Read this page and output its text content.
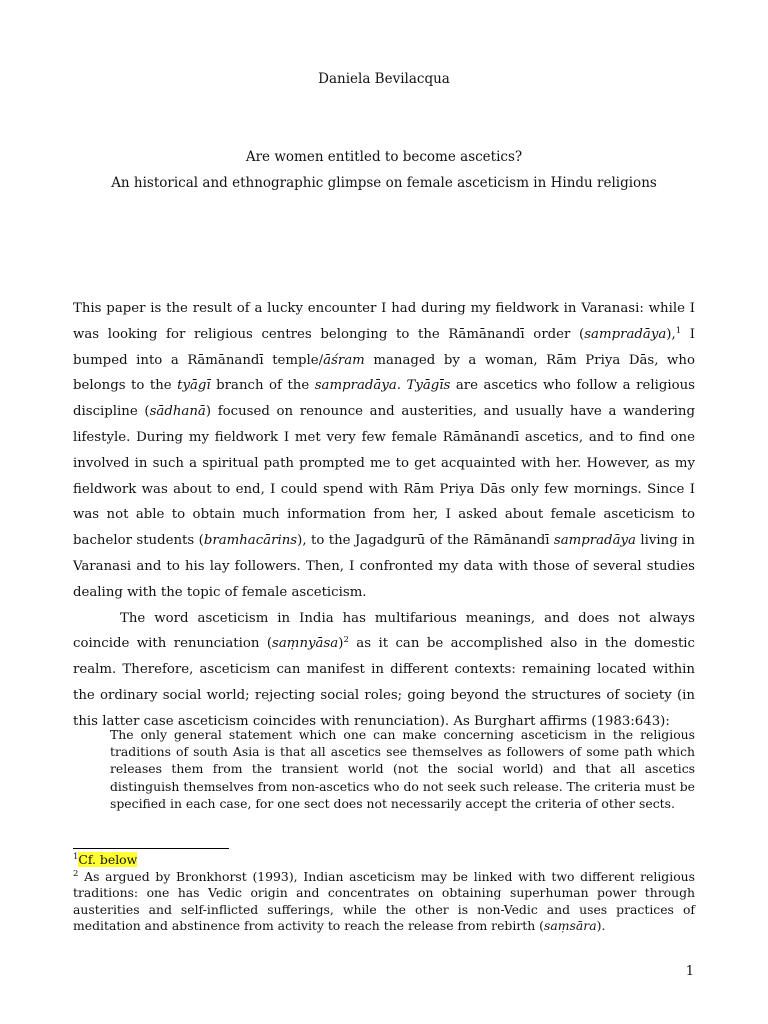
Daniela Bevilacqua
Are women entitled to become ascetics?
An historical and ethnographic glimpse on female asceticism in Hindu religions

This paper is the result of a lucky encounter I had during my fieldwork in Varanasi: while I was looking for religious centres belonging to the Rāmānandī order (sampradāya),$^1$ I bumped into a Rāmānandī temple/āśram managed by a woman, Rām Priya Dās, who belongs to the tyāgī branch of the sampradāya. Tyāgīs are ascetics who follow a religious discipline (sādhanā) focused on renounce and austerities, and usually have a wandering lifestyle. During my fieldwork I met very few female Rāmānandī ascetics, and to find one involved in such a spiritual path prompted me to get acquainted with her. However, as my fieldwork was about to end, I could spend with Rām Priya Dās only few mornings. Since I was not able to obtain much information from her, I asked about female asceticism to bachelor students (bramhacārins), to the Jagadgurū of the Rāmānandī sampradāya living in Varanasi and to his lay followers. Then, I confronted my data with those of several studies dealing with the topic of female asceticism.

The word asceticism in India has multifarious meanings, and does not always coincide with renunciation (saṃnyāsa)$^2$ as it can be accomplished also in the domestic realm. Therefore, asceticism can manifest in different contexts: remaining located within the ordinary social world; rejecting social roles; going beyond the structures of society (in this latter case asceticism coincides with renunciation). As Burghart affirms (1983:643):

The only general statement which one can make concerning asceticism in the religious traditions of south Asia is that all ascetics see themselves as followers of some path which releases them from the transient world (not the social world) and that all ascetics distinguish themselves from non-ascetics who do not seek such release. The criteria must be specified in each case, for one sect does not necessarily accept the criteria of other sects.

$^1$Cf. below

$^2$ As argued by Bronkhorst (1993), Indian asceticism may be linked with two different religious traditions: one has Vedic origin and concentrates on obtaining superhuman power through austerities and self-inflicted sufferings, while the other is non-Vedic and uses practices of meditation and abstinence from activity to reach the release from rebirth (saṃsāra).

1
